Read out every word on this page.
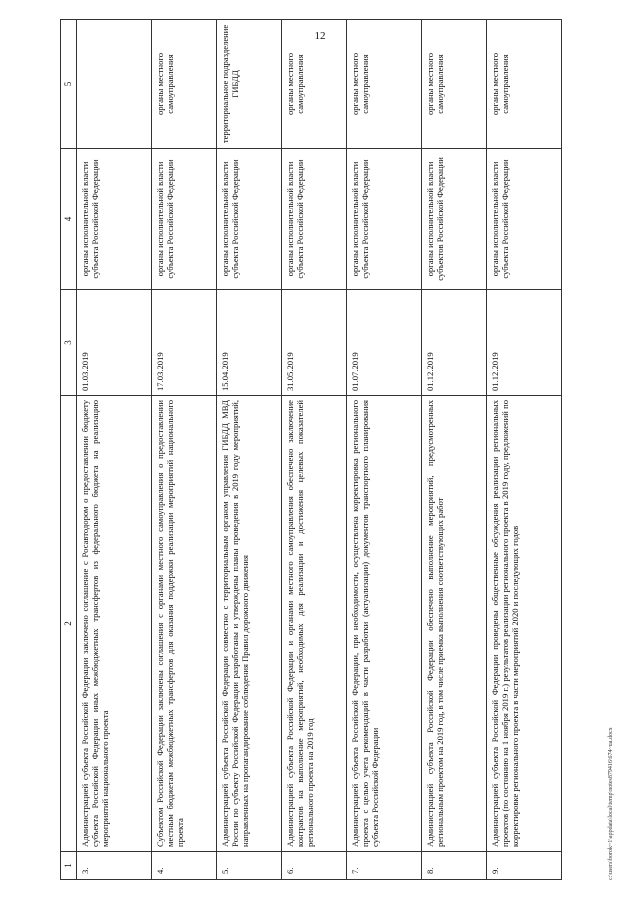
12
1	2	3	4	5
3.	Администрацией субъекта Российской Федерации заключено соглашение с Росавтодором о предоставлении бюджету субъекта Российской Федерации иных межбюджетных трансфертов из федерального бюджета на реализацию мероприятий национального проекта	01.03.2019	органы исполнительной власти субъекта Российской Федерации	
4.	Субъектом Российской Федерации заключены соглашения с органами местного самоуправления о предоставлении местным бюджетам межбюджетных трансфертов для оказания поддержки реализации мероприятий национального проекта	17.03.2019	органы исполнительной власти субъекта Российской Федерации	органы местного самоуправления
5.	Администрацией субъекта Российской Федерации совместно с территориальным органом управления ГИБДД МВД России по субъекту Российской Федерации разработаны и утверждены планы проведения в 2019 году мероприятий, направленных на пропагандирование соблюдения Правил дорожного движения	15.04.2019	органы исполнительной власти субъекта Российской Федерации	территориальное подразделение ГИБДД
6.	Администрацией субъекта Российской Федерации и органами местного самоуправления обеспечено заключение контрактов на выполнение мероприятий, необходимых для реализации и достижения целевых показателей регионального проекта на 2019 год	31.05.2019	органы исполнительной власти субъекта Российской Федерации	органы местного самоуправления
7.	Администрацией субъекта Российской Федерации, при необходимости, осуществлена корректировка регионального проекта с целью учета рекомендаций в части разработки (актуализации) документов транспортного планирования субъекта Российской Федерации	01.07.2019	органы исполнительной власти субъекта Российской Федерации	органы местного самоуправления
8.	Администрацией субъекта Российской Федерации обеспечено выполнение мероприятий, предусмотренных региональным проектом на 2019 год, в том числе приемка выполнения соответствующих работ	01.12.2019	органы исполнительной власти субъектов Российской Федерации	органы местного самоуправления
9.	Администрацией субъекта Российской Федерации проведены общественные обсуждения реализации региональных проектов (по состоянию на 1 ноября 2019 г.) результатов реализации регионального проекта в 2019 году, предложений по корректировке регионального проекта в части мероприятий 2020 и последующих годов	01.12.2019	органы исполнительной власти субъекта Российской Федерации	органы местного самоуправления
c:\users\borok~1\appdata\local\temp\notes879416\674~ua.docx
